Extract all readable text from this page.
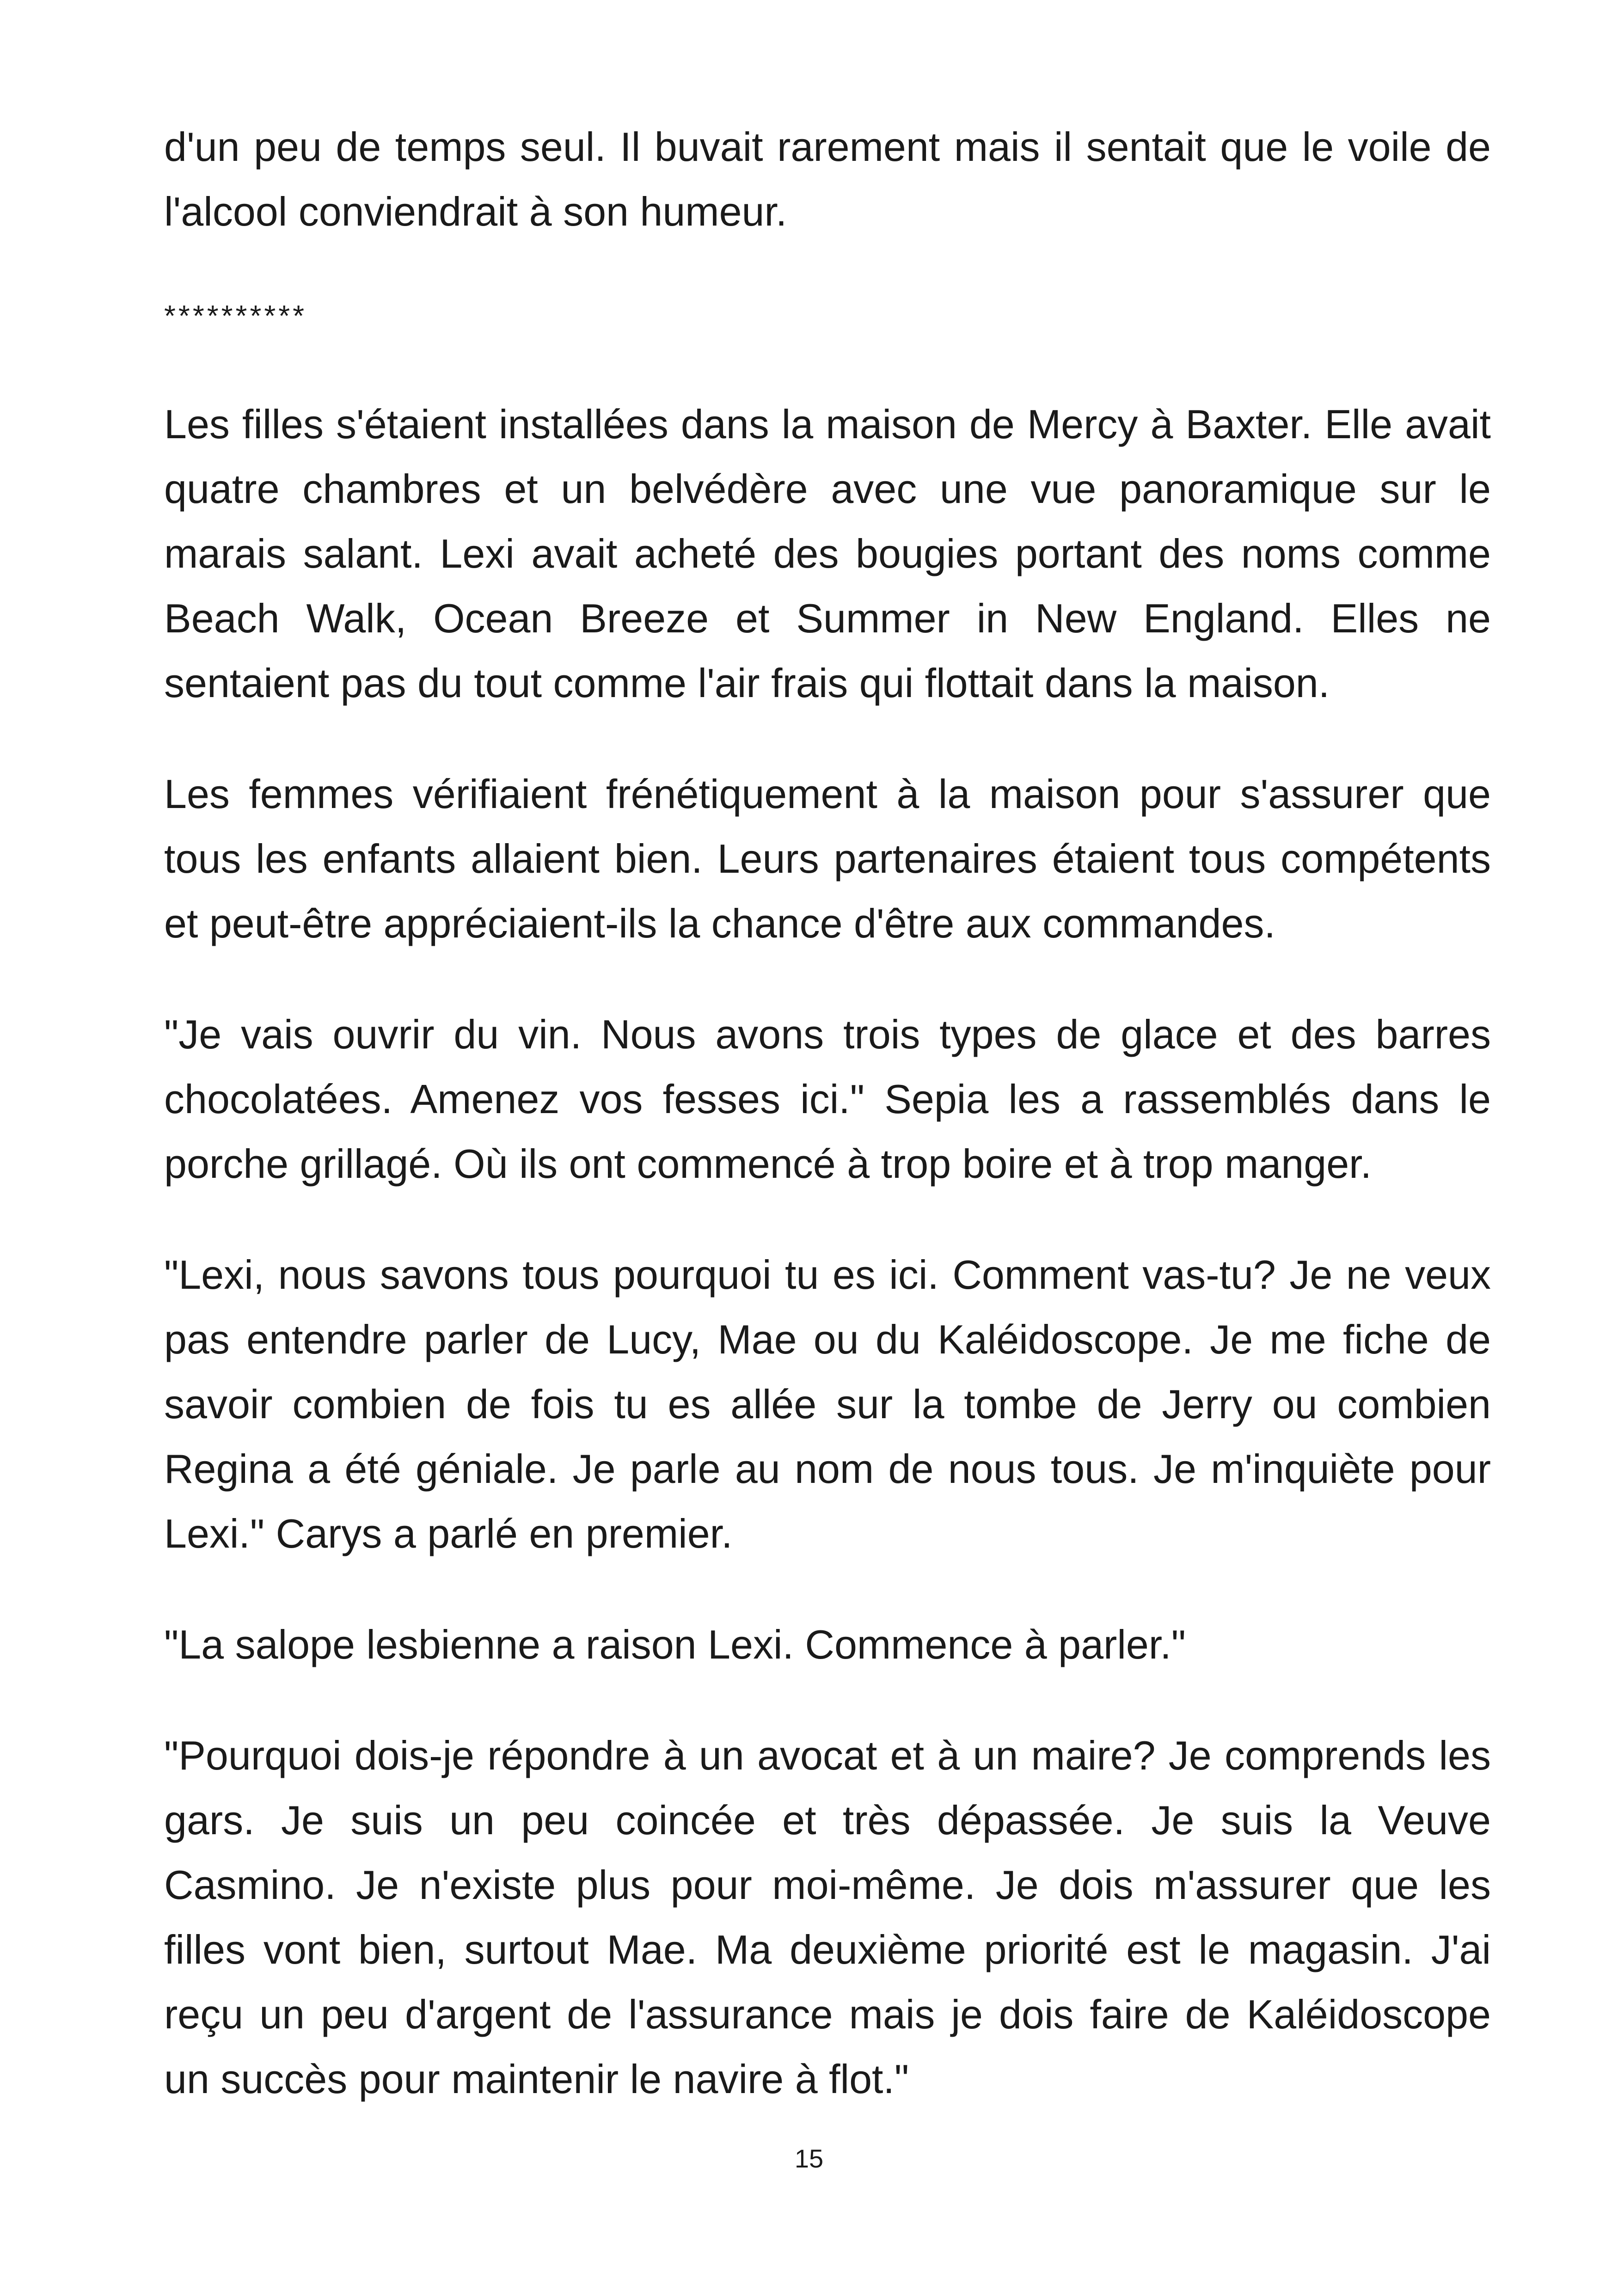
d'un peu de temps seul. Il buvait rarement mais il sentait que le voile de l'alcool conviendrait à son humeur.

**********

Les filles s'étaient installées dans la maison de Mercy à Baxter. Elle avait quatre chambres et un belvédère avec une vue panoramique sur le marais salant. Lexi avait acheté des bougies portant des noms comme Beach Walk, Ocean Breeze et Summer in New England. Elles ne sentaient pas du tout comme l'air frais qui flottait dans la maison.

Les femmes vérifiaient frénétiquement à la maison pour s'assurer que tous les enfants allaient bien. Leurs partenaires étaient tous compétents et peut-être appréciaient-ils la chance d'être aux commandes.

"Je vais ouvrir du vin. Nous avons trois types de glace et des barres chocolatées. Amenez vos fesses ici." Sepia les a rassemblés dans le porche grillagé. Où ils ont commencé à trop boire et à trop manger.

"Lexi, nous savons tous pourquoi tu es ici. Comment vas-tu? Je ne veux pas entendre parler de Lucy, Mae ou du Kaléidoscope. Je me fiche de savoir combien de fois tu es allée sur la tombe de Jerry ou combien Regina a été géniale. Je parle au nom de nous tous. Je m'inquiète pour Lexi." Carys a parlé en premier.

"La salope lesbienne a raison Lexi. Commence à parler."

"Pourquoi dois-je répondre à un avocat et à un maire? Je comprends les gars. Je suis un peu coincée et très dépassée. Je suis la Veuve Casmino. Je n'existe plus pour moi-même. Je dois m'assurer que les filles vont bien, surtout Mae. Ma deuxième priorité est le magasin. J'ai reçu un peu d'argent de l'assurance mais je dois faire de Kaléidoscope un succès pour maintenir le navire à flot."

15
